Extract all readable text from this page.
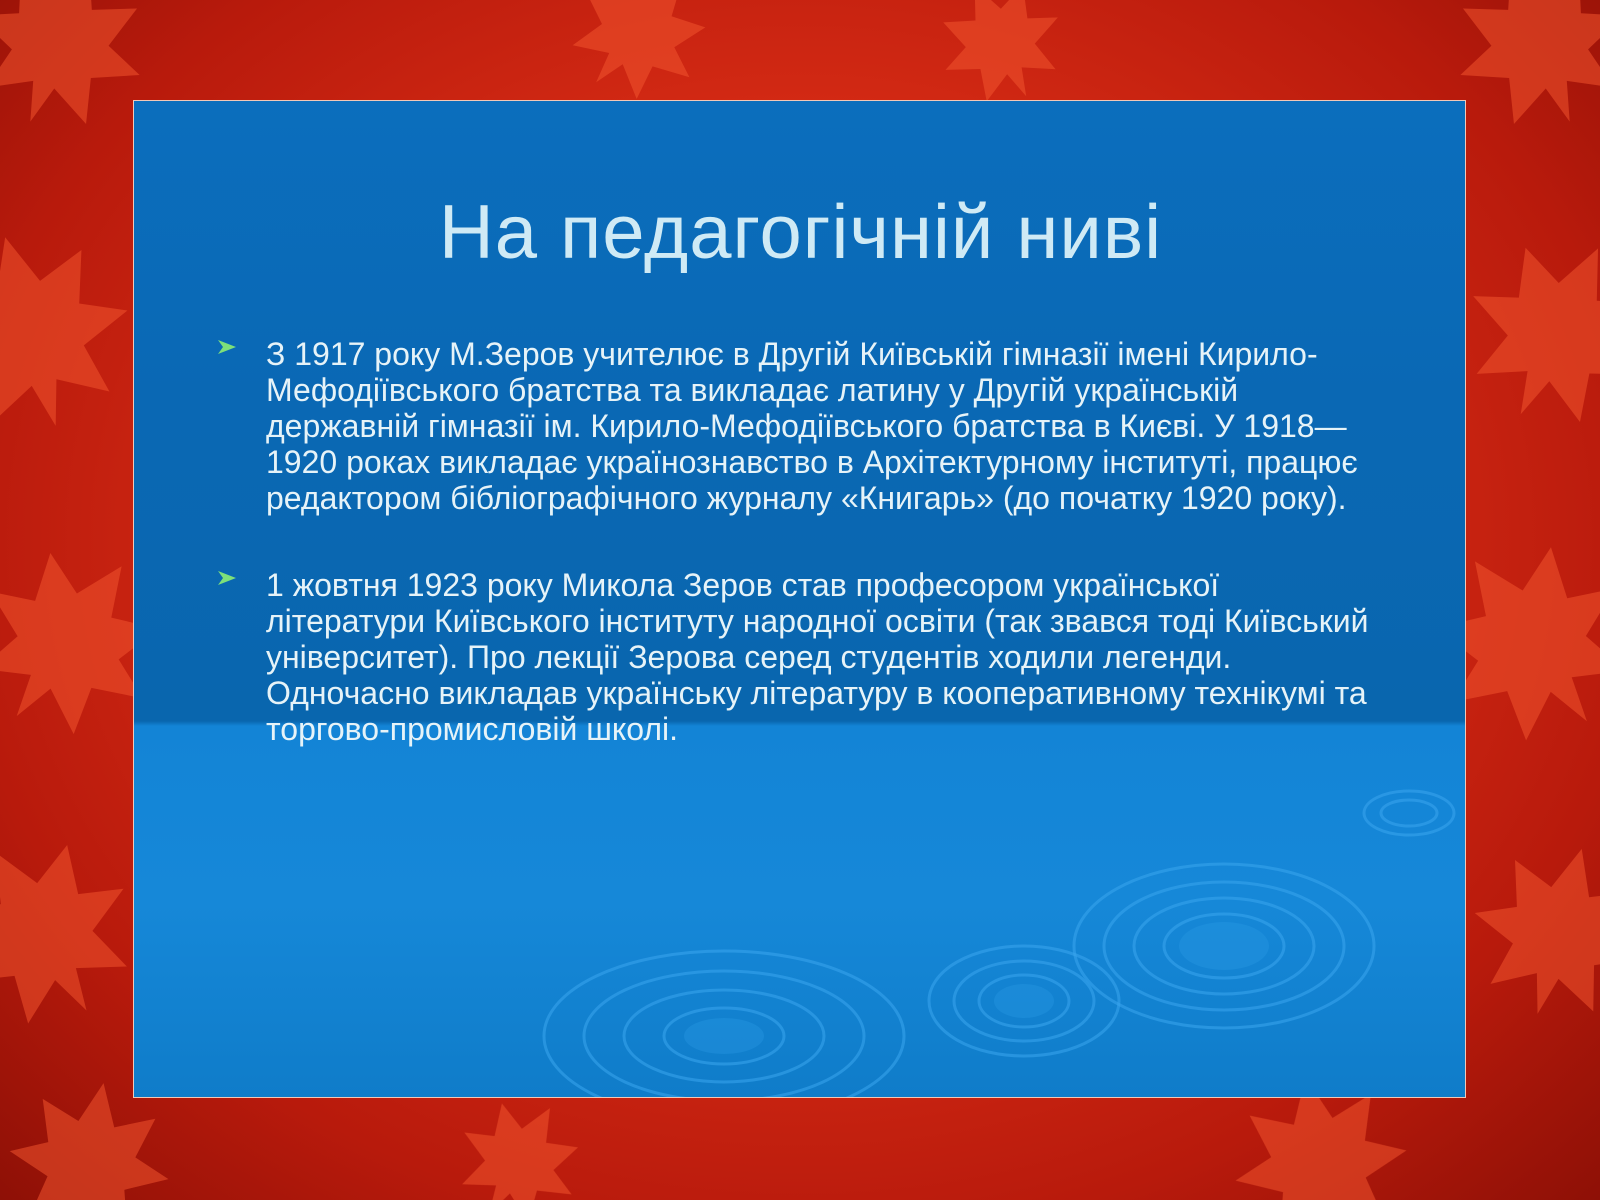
На педагогічній ниві
З 1917 року М.Зеров учителює в Другій Київській гімназії імені Кирило-Мефодіївського братства та викладає латину у Другій українській державній гімназії ім. Кирило-Мефодіївського братства в Києві. У 1918—1920 роках викладає українознавство в Архітектурному інституті, працює редактором бібліографічного журналу «Книгарь» (до початку 1920 року).
1 жовтня 1923 року Микола Зеров став професором української літератури Київського інституту народної освіти (так звався тоді Київський університет). Про лекції Зерова серед студентів ходили легенди. Одночасно викладав українську літературу в кооперативному технікумі та торгово-промисловій школі.
